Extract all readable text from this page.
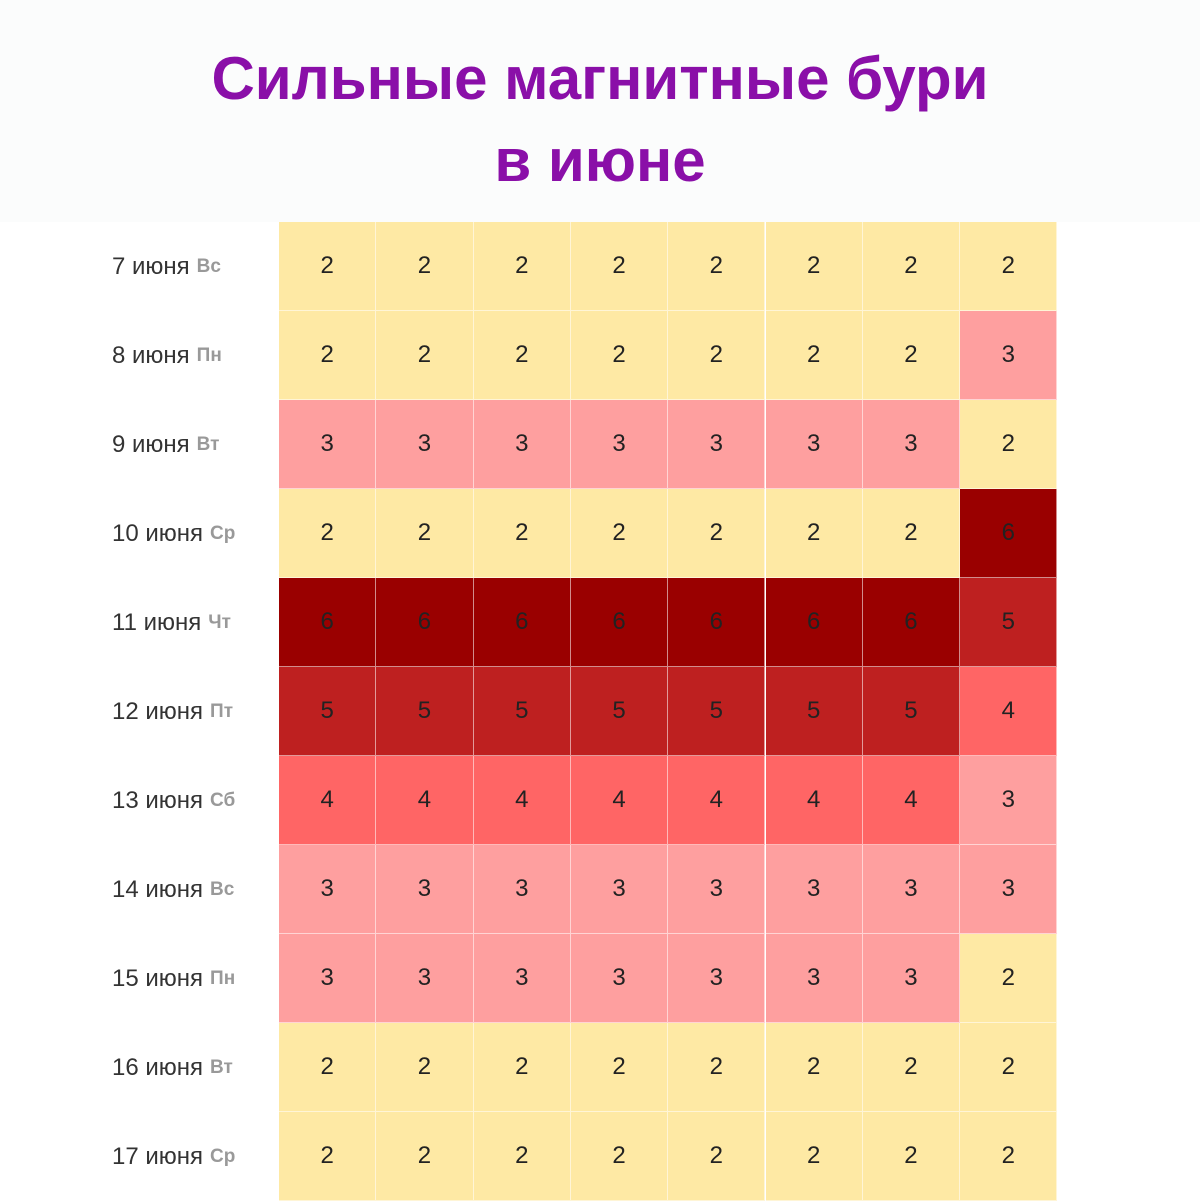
Сильные магнитные бури
в июне
7 июня Вс	2	2	2	2	2	2	2	2
8 июня Пн	2	2	2	2	2	2	2	3
9 июня Вт	3	3	3	3	3	3	3	2
10 июня Ср	2	2	2	2	2	2	2	6
11 июня Чт	6	6	6	6	6	6	6	5
12 июня Пт	5	5	5	5	5	5	5	4
13 июня Сб	4	4	4	4	4	4	4	3
14 июня Вс	3	3	3	3	3	3	3	3
15 июня Пн	3	3	3	3	3	3	3	2
16 июня Вт	2	2	2	2	2	2	2	2
17 июня Ср	2	2	2	2	2	2	2	2
